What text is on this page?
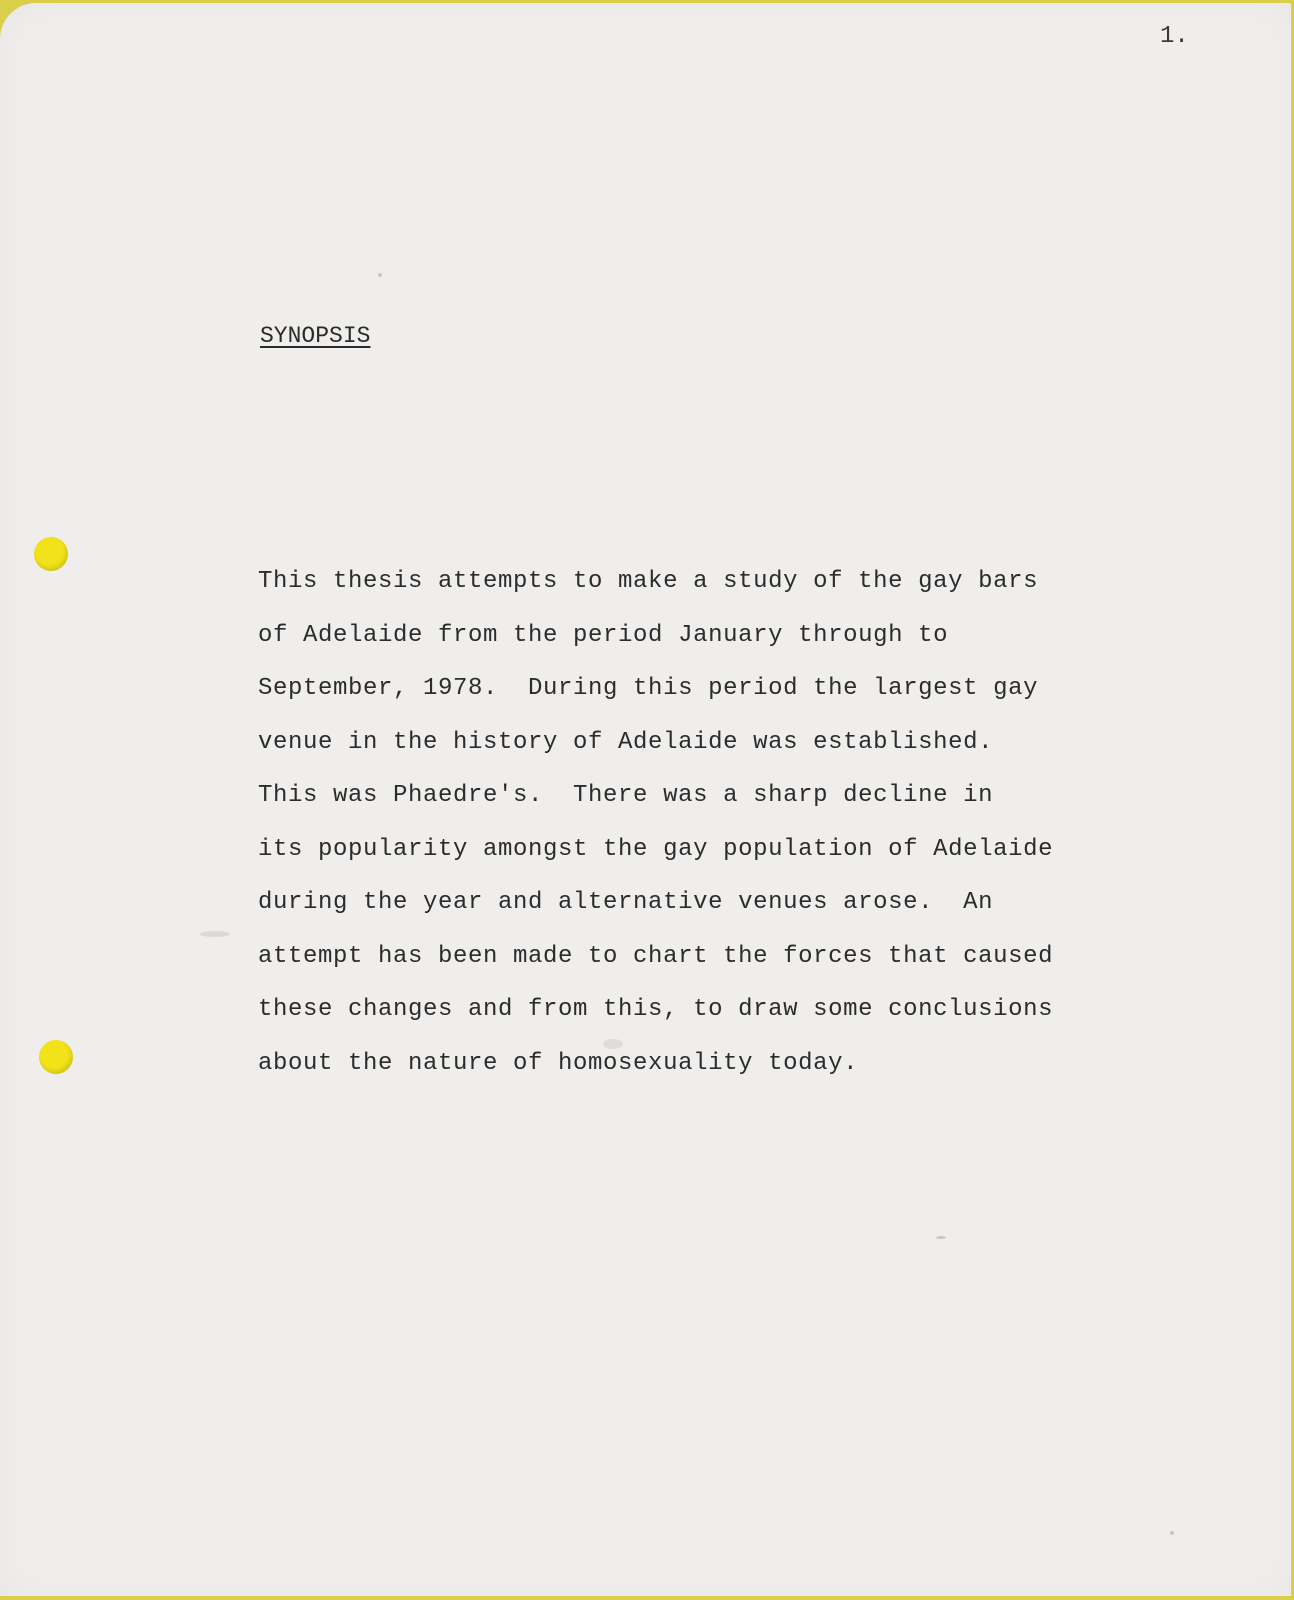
1.
SYNOPSIS
This thesis attempts to make a study of the gay bars
of Adelaide from the period January through to
September, 1978.  During this period the largest gay
venue in the history of Adelaide was established.
This was Phaedre's.  There was a sharp decline in
its popularity amongst the gay population of Adelaide
during the year and alternative venues arose.  An
attempt has been made to chart the forces that caused
these changes and from this, to draw some conclusions
about the nature of homosexuality today.
